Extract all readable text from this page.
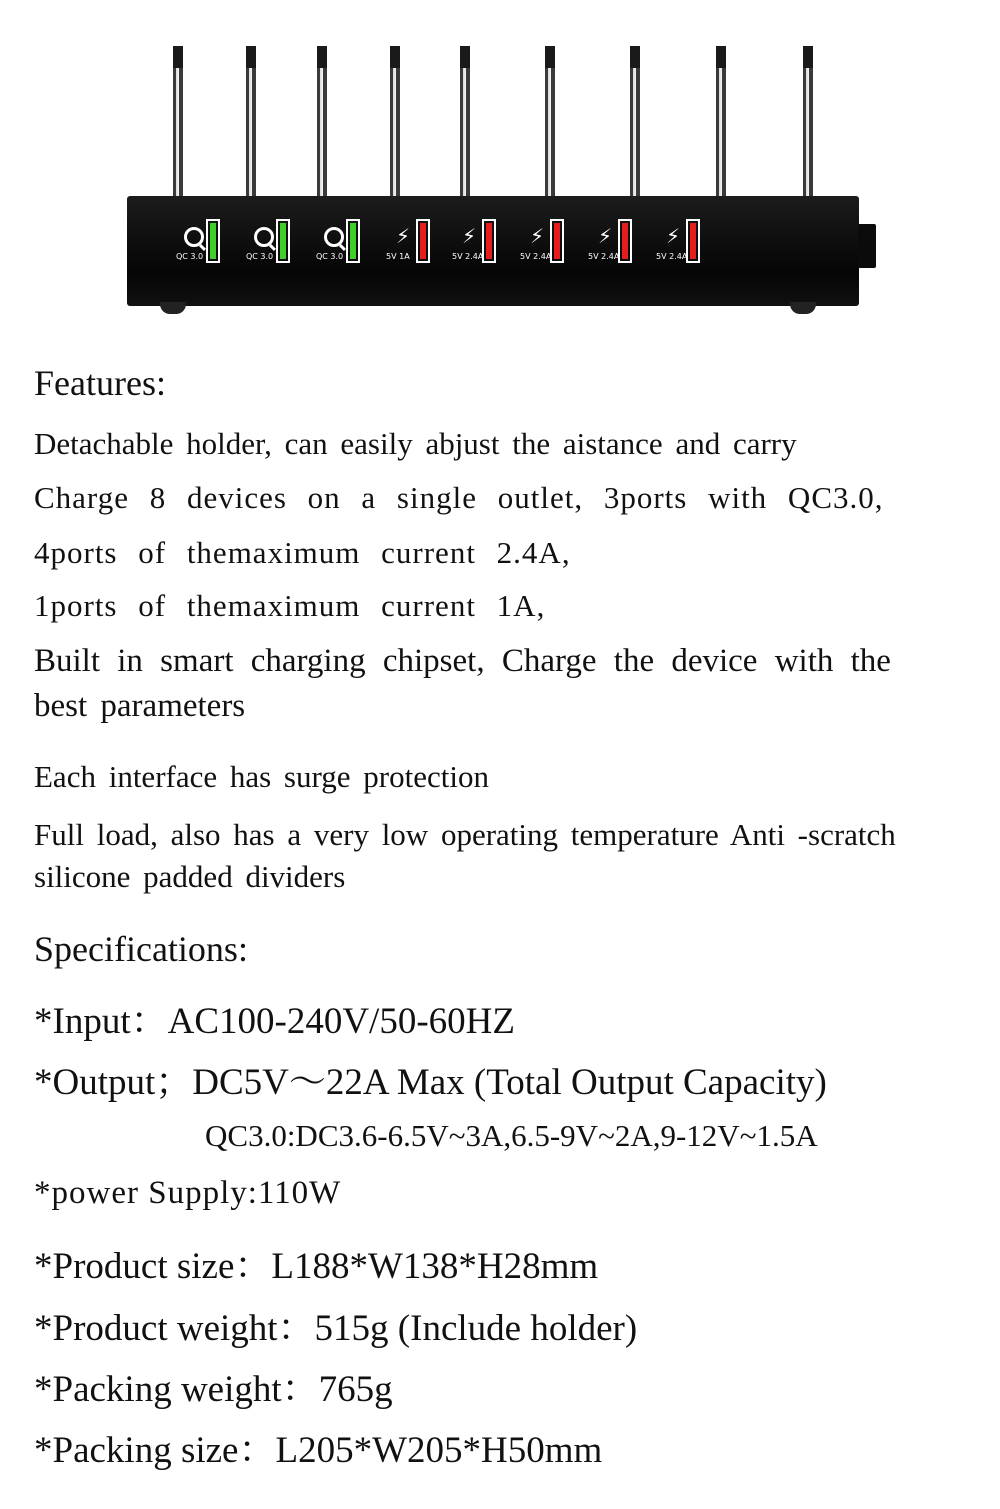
QC 3.0	QC 3.0	QC 3.0
⚡
5V 1A
⚡
5V 2.4A
⚡
5V 2.4A
⚡
5V 2.4A
⚡
5V 2.4A

Features:

Detachable holder, can easily abjust the aistance and carry

Charge 8 devices on a single outlet, 3ports with QC3.0,

4ports of themaximum current 2.4A,

1ports of themaximum current 1A,

Built in smart charging chipset, Charge the device with the

best parameters

Each interface has surge protection

Full load, also has a very low operating temperature Anti -scratch

silicone padded dividers

Specifications:

*Input：AC100-240V/50-60HZ

*Output；DC5V～22A Max (Total Output Capacity)

QC3.0:DC3.6-6.5V~3A,6.5-9V~2A,9-12V~1.5A

*power Supply:110W

*Product size：L188*W138*H28mm

*Product weight：515g (Include holder)

*Packing weight：765g

*Packing size：L205*W205*H50mm
